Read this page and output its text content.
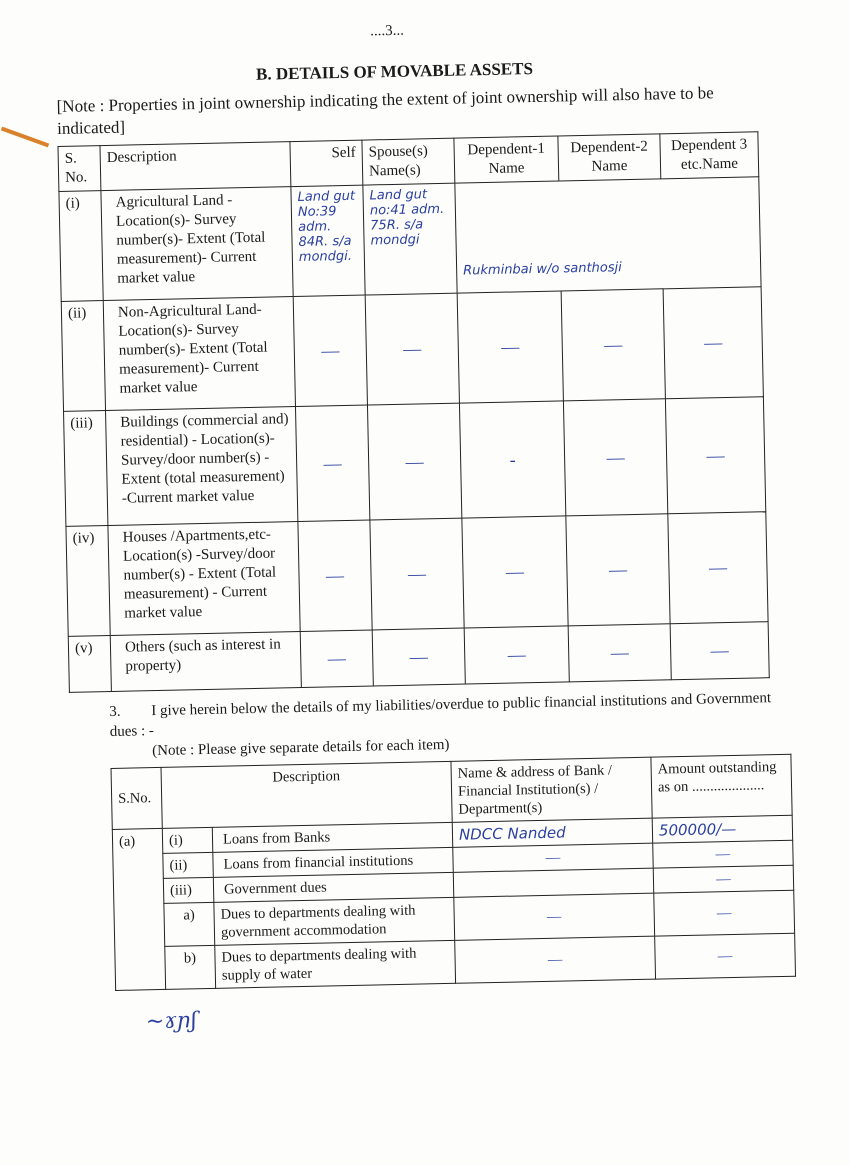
....3...
B. DETAILS OF MOVABLE ASSETS
[Note : Properties in joint ownership indicating the extent of joint ownership will also have to be indicated]
S. No.	Description	Self	Spouse(s) Name(s)	Dependent-1 Name	Dependent-2 Name	Dependent 3 etc.Name
(i)	Agricultural Land - Location(s)- Survey number(s)- Extent (Total measurement)- Current market value	Land gut No:39 adm. 84R. s/a mondgi.	Land gut no:41 adm. 75R. s/a mondgi	Rukminbai w/o santhosji		
(ii)	Non-Agricultural Land- Location(s)- Survey number(s)- Extent (Total measurement)- Current market value	—	—	—	—	—
(iii)	Buildings (commercial and) residential) - Location(s)- Survey/door number(s) - Extent (total measurement) -Current market value	—	—	-	—	—
(iv)	Houses /Apartments,etc- Location(s) -Survey/door number(s) - Extent (Total measurement) - Current market value	—	—	—	—	—
(v)	Others (such as interest in property)	—	—	—	—	—
3. I give herein below the details of my liabilities/overdue to public financial institutions and Government dues : -
(Note : Please give separate details for each item)
S.No.	Description		Name & address of Bank / Financial Institution(s) / Department(s)	Amount outstanding as on ....................
(a)	(i)	Loans from Banks	NDCC Nanded	500000/—
	(ii)	Loans from financial institutions	—	—
	(iii)	Government dues		—
	a)	Dues to departments dealing with government accommodation	—	—
	b)	Dues to departments dealing with supply of water	—	—
~ɤɲʃ
